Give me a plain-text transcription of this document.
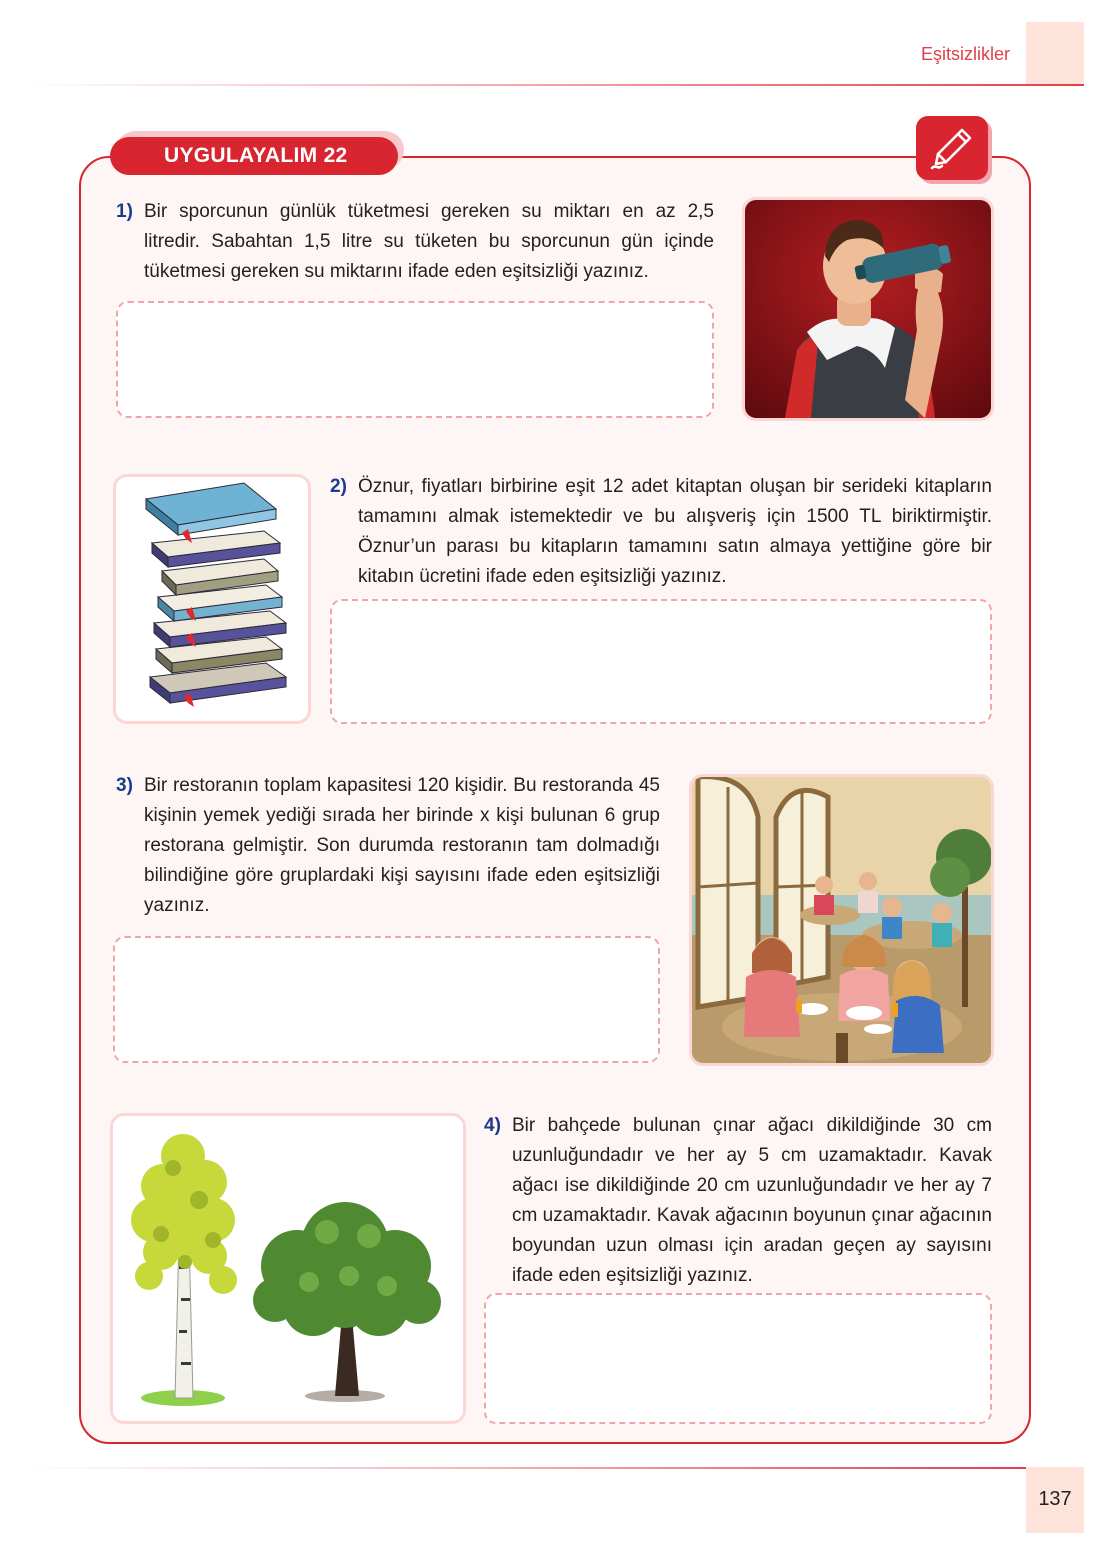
Eşitsizlikler
UYGULAYALIM 22
1) Bir sporcunun günlük tüketmesi gereken su miktarı en az 2,5 litredir. Sabahtan 1,5 litre su tüketen bu sporcunun gün içinde tüketmesi gereken su miktarını ifade eden eşitsizliği yazınız.
2) Öznur, fiyatları birbirine eşit 12 adet kitaptan oluşan bir serideki kitapların tamamını almak istemektedir ve bu alışveriş için 1500 TL biriktirmiştir. Öznur’un parası bu kitapların tamamını satın almaya yettiğine göre bir kitabın ücretini ifade eden eşitsizliği yazınız.
3) Bir restoranın toplam kapasitesi 120 kişidir. Bu restoranda 45 kişinin yemek yediği sırada her birinde x kişi bulunan 6 grup restorana gelmiştir. Son durumda restoranın tam dolmadığı bilindiğine göre gruplardaki kişi sayısını ifade eden eşitsizliği yazınız.
4) Bir bahçede bulunan çınar ağacı dikildiğinde 30 cm uzunluğundadır ve her ay 5 cm uzamaktadır. Kavak ağacı ise dikildiğinde 20 cm uzunluğundadır ve her ay 7 cm uzamaktadır. Kavak ağacının boyunun çınar ağacının boyundan uzun olması için aradan geçen ay sayısını ifade eden eşitsizliği yazınız.
137
